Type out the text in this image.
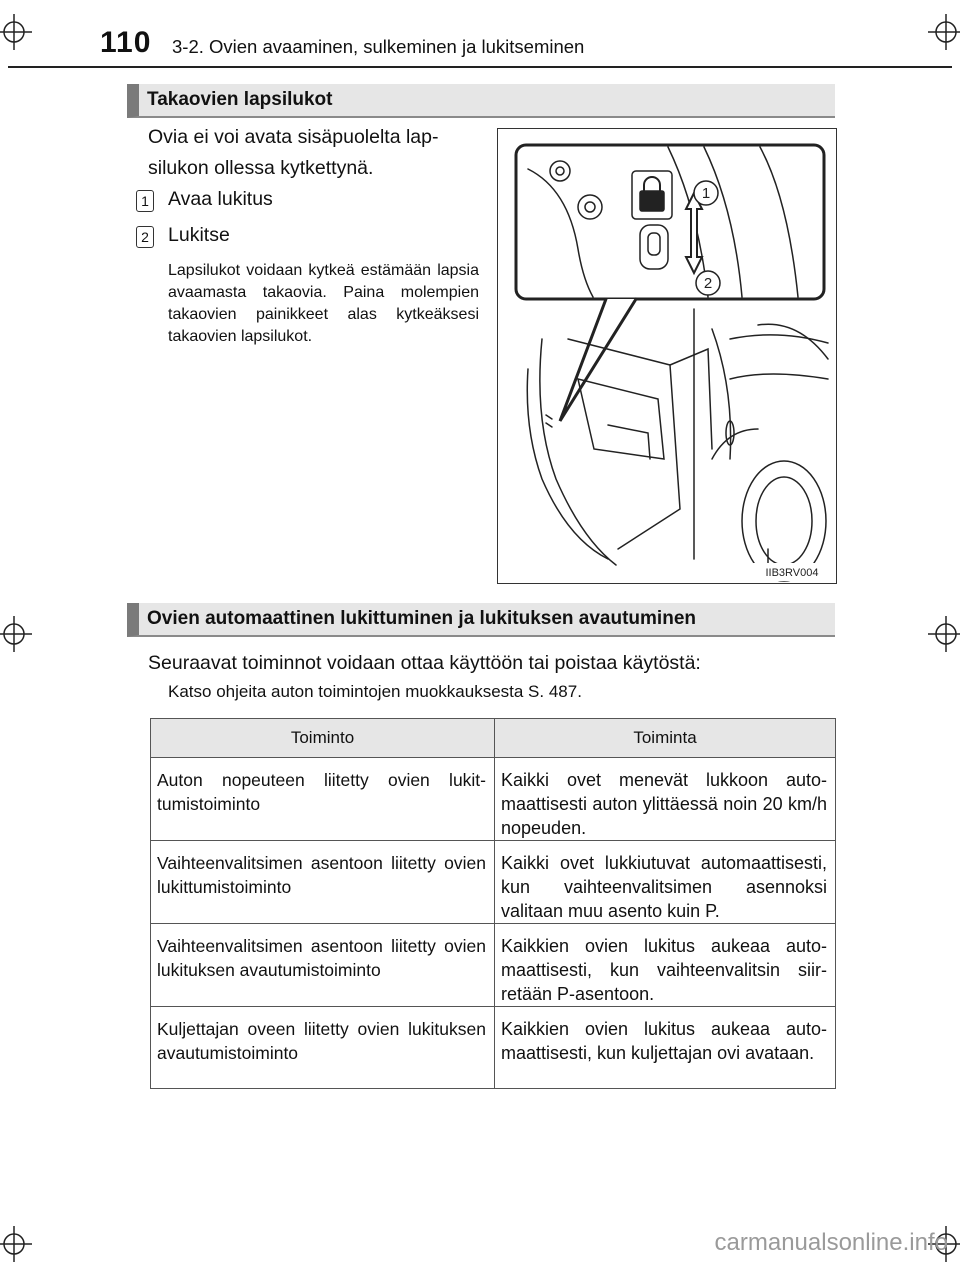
110 3-2. Ovien avaaminen, sulkeminen ja lukitseminen
Takaovien lapsilukot
Ovia ei voi avata sisäpuolelta lap-
silukon ollessa kytkettynä.
1 Avaa lukitus
2 Lukitse
Lapsilukot voidaan kytkeä estämään lapsia avaamasta takaovia. Paina molempien takaovien painikkeet alas kytkeäksesi takaovien lapsilukot.
1
2
IIB3RV004
Ovien automaattinen lukittuminen ja lukituksen avautuminen
Seuraavat toiminnot voidaan ottaa käyttöön tai poistaa käytöstä:
Katso ohjeita auton toimintojen muokkauksesta S. 487.
Toiminto	Toiminta
Auton nopeuteen liitetty ovien lukittumistoiminto	Kaikki ovet menevät lukkoon automaattisesti auton ylittäessä noin 20 km/h nopeuden.
Vaihteenvalitsimen asentoon liitetty ovien lukittumistoiminto	Kaikki ovet lukkiutuvat automaattisesti, kun vaihteenvalitsimen asennoksi valitaan muu asento kuin P.
Vaihteenvalitsimen asentoon liitetty ovien lukituksen avautumistoiminto	Kaikkien ovien lukitus aukeaa automaattisesti, kun vaihteenvalitsin siirretään P-asentoon.
Kuljettajan oveen liitetty ovien lukituksen avautumistoiminto	Kaikkien ovien lukitus aukeaa automaattisesti, kun kuljettajan ovi avataan.
carmanualsonline.info
